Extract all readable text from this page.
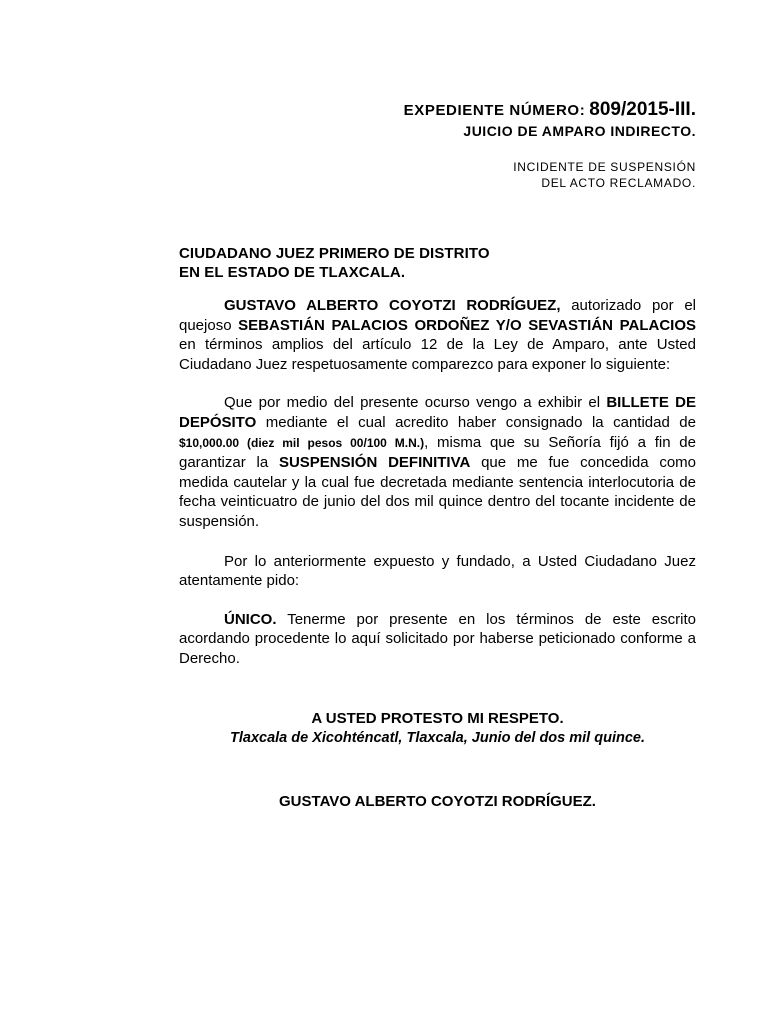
EXPEDIENTE NÚMERO: 809/2015-III.
JUICIO DE AMPARO INDIRECTO.
INCIDENTE DE SUSPENSIÓN
DEL ACTO RECLAMADO.
CIUDADANO JUEZ PRIMERO DE DISTRITO
EN EL ESTADO DE TLAXCALA.

GUSTAVO ALBERTO COYOTZI RODRÍGUEZ, autorizado por el quejoso SEBASTIÁN PALACIOS ORDOÑEZ Y/O SEVASTIÁN PALACIOS en términos amplios del artículo 12 de la Ley de Amparo, ante Usted Ciudadano Juez respetuosamente comparezco para exponer lo siguiente:

Que por medio del presente ocurso vengo a exhibir el BILLETE DE DEPÓSITO mediante el cual acredito haber consignado la cantidad de $10,000.00 (diez mil pesos 00/100 M.N.), misma que su Señoría fijó a fin de garantizar la SUSPENSIÓN DEFINITIVA que me fue concedida como medida cautelar y la cual fue decretada mediante sentencia interlocutoria de fecha veinticuatro de junio del dos mil quince dentro del tocante incidente de suspensión.

Por lo anteriormente expuesto y fundado, a Usted Ciudadano Juez atentamente pido:

ÚNICO. Tenerme por presente en los términos de este escrito acordando procedente lo aquí solicitado por haberse peticionado conforme a Derecho.

A USTED PROTESTO MI RESPETO.
Tlaxcala de Xicohténcatl, Tlaxcala, Junio del dos mil quince.
GUSTAVO ALBERTO COYOTZI RODRÍGUEZ.
